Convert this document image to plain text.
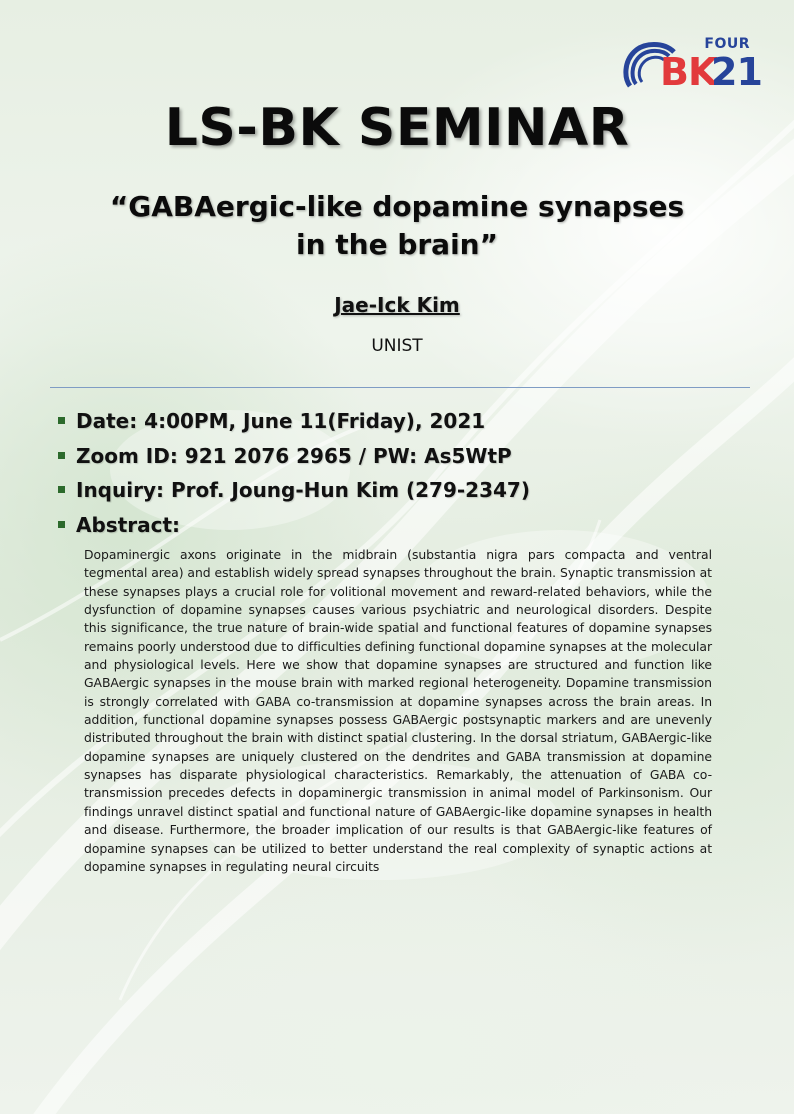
FOUR
BK
21
LS-BK SEMINAR
“GABAergic-like dopamine synapses
in the brain”
Jae-Ick Kim
UNIST
Date: 4:00PM, June 11(Friday), 2021
Zoom ID: 921 2076 2965 / PW: As5WtP
Inquiry: Prof. Joung-Hun Kim (279-2347)
Abstract:
Dopaminergic axons originate in the midbrain (substantia nigra pars compacta and ventral tegmental area) and establish widely spread synapses throughout the brain. Synaptic transmission at these synapses plays a crucial role for volitional movement and reward-related behaviors, while the dysfunction of dopamine synapses causes various psychiatric and neurological disorders. Despite this significance, the true nature of brain-wide spatial and functional features of dopamine synapses remains poorly understood due to difficulties defining functional dopamine synapses at the molecular and physiological levels. Here we show that dopamine synapses are structured and function like GABAergic synapses in the mouse brain with marked regional heterogeneity. Dopamine transmission is strongly correlated with GABA co-transmission at dopamine synapses across the brain areas. In addition, functional dopamine synapses possess GABAergic postsynaptic markers and are unevenly distributed throughout the brain with distinct spatial clustering. In the dorsal striatum, GABAergic-like dopamine synapses are uniquely clustered on the dendrites and GABA transmission at dopamine synapses has disparate physiological characteristics. Remarkably, the attenuation of GABA co-transmission precedes defects in dopaminergic transmission in animal model of Parkinsonism. Our findings unravel distinct spatial and functional nature of GABAergic-like dopamine synapses in health and disease. Furthermore, the broader implication of our results is that GABAergic-like features of dopamine synapses can be utilized to better understand the real complexity of synaptic actions at dopamine synapses in regulating neural circuits
